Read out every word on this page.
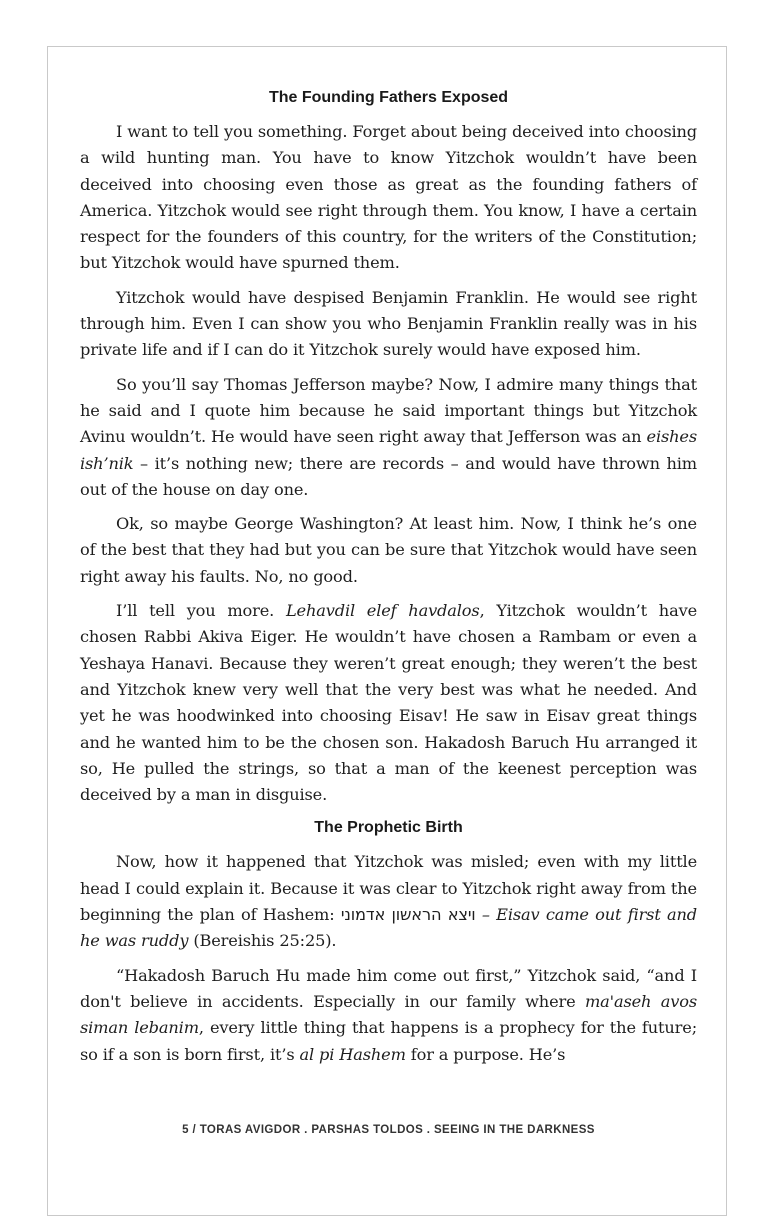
The Founding Fathers Exposed

I want to tell you something. Forget about being deceived into choosing a wild hunting man. You have to know Yitzchok wouldn’t have been deceived into choosing even those as great as the founding fathers of America. Yitzchok would see right through them. You know, I have a certain respect for the founders of this country, for the writers of the Constitution; but Yitzchok would have spurned them.

Yitzchok would have despised Benjamin Franklin. He would see right through him. Even I can show you who Benjamin Franklin really was in his private life and if I can do it Yitzchok surely would have exposed him.

So you’ll say Thomas Jefferson maybe? Now, I admire many things that he said and I quote him because he said important things but Yitzchok Avinu wouldn’t. He would have seen right away that Jefferson was an eishes ish’nik – it’s nothing new; there are records – and would have thrown him out of the house on day one.

Ok, so maybe George Washington? At least him. Now, I think he’s one of the best that they had but you can be sure that Yitzchok would have seen right away his faults. No, no good.

I’ll tell you more. Lehavdil elef havdalos, Yitzchok wouldn’t have chosen Rabbi Akiva Eiger. He wouldn’t have chosen a Rambam or even a Yeshaya Hanavi. Because they weren’t great enough; they weren’t the best and Yitzchok knew very well that the very best was what he needed. And yet he was hoodwinked into choosing Eisav! He saw in Eisav great things and he wanted him to be the chosen son. Hakadosh Baruch Hu arranged it so, He pulled the strings, so that a man of the keenest perception was deceived by a man in disguise.

The Prophetic Birth

Now, how it happened that Yitzchok was misled; even with my little head I could explain it. Because it was clear to Yitzchok right away from the beginning the plan of Hashem: ויצא הראשון אדמוני – Eisav came out first and he was ruddy (Bereishis 25:25).

“Hakadosh Baruch Hu made him come out first,” Yitzchok said, “and I don't believe in accidents. Especially in our family where ma'aseh avos siman lebanim, every little thing that happens is a prophecy for the future; so if a son is born first, it’s al pi Hashem for a purpose. He’s

5 / TORAS AVIGDOR . PARSHAS TOLDOS . SEEING IN THE DARKNESS
